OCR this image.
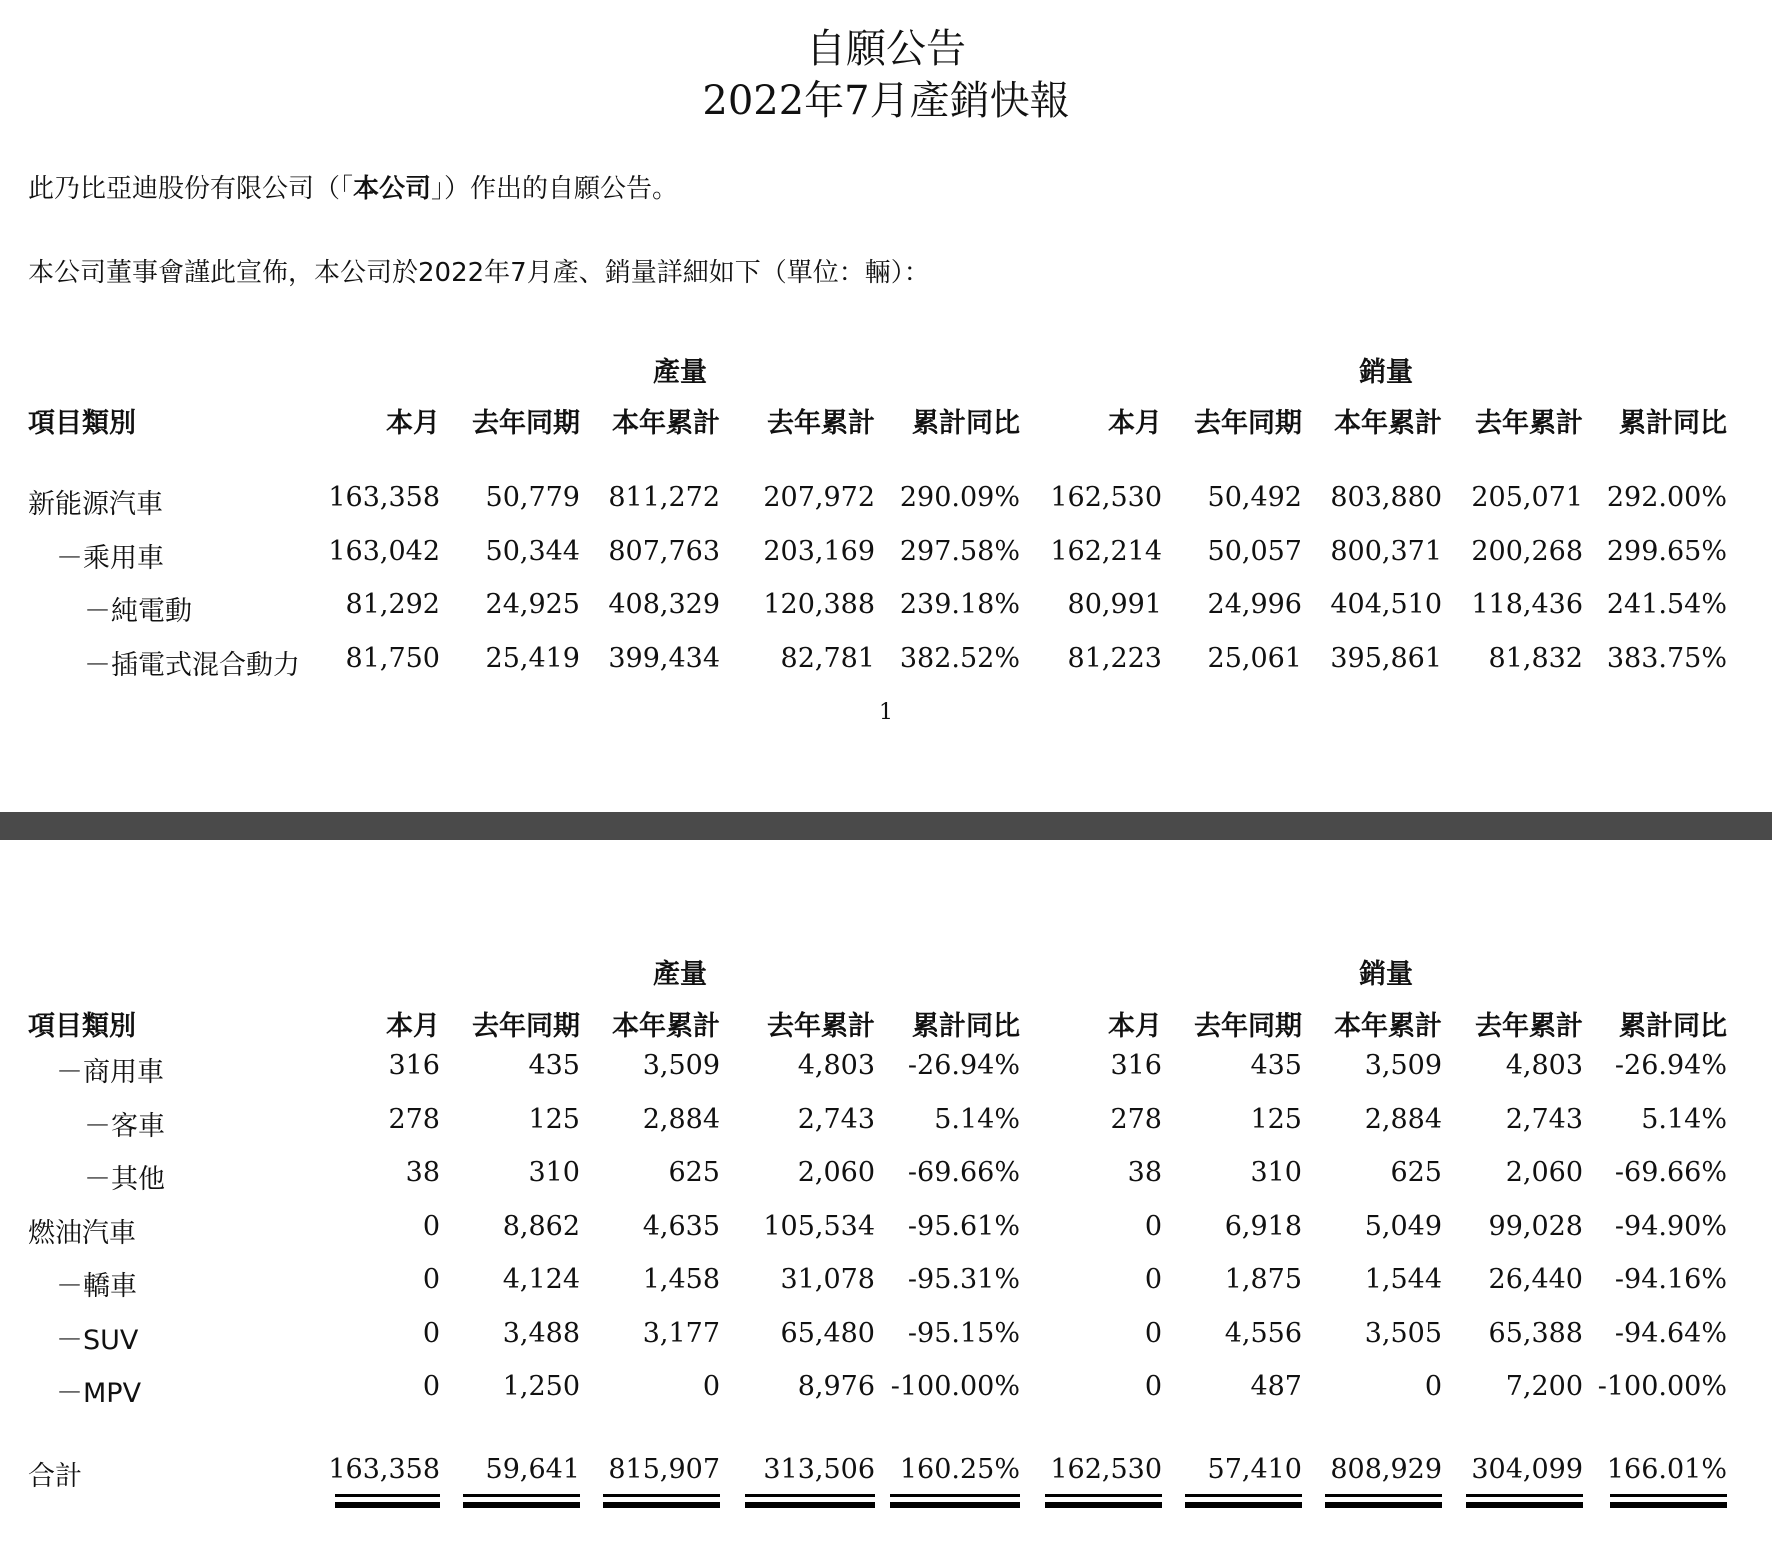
自願公告
2022年7月產銷快報
此乃比亞迪股份有限公司（「本公司」）作出的自願公告。
本公司董事會謹此宣佈，本公司於2022年7月產、銷量詳細如下（單位：輛）：
產量	銷量
項目類別	本月	去年同期	本年累計	去年累計	累計同比	本月	去年同期	本年累計	去年累計	累計同比
新能源汽車	163,358	50,779	811,272	207,972 290.09%	162,530	50,492	803,880	205,071 292.00%
－乘用車	163,042	50,344	807,763	203,169 297.58%	162,214	50,057	800,371	200,268 299.65%
－純電動	81,292	24,925	408,329	120,388 239.18%	80,991	24,996	404,510	118,436 241.54%
－插電式混合動力	81,750	25,419	399,434	82,781 382.52%	81,223	25,061	395,861	81,832 383.75%
1
產量	銷量
項目類別	本月	去年同期	本年累計	去年累計	累計同比	本月	去年同期	本年累計	去年累計	累計同比
－商用車	316	435	3,509	4,803	-26.94%	316	435	3,509	4,803	-26.94%
－客車	278	125	2,884	2,743	5.14%	278	125	2,884	2,743	5.14%
－其他	38	310	625	2,060	-69.66%	38	310	625	2,060	-69.66%
燃油汽車	0	8,862	4,635	105,534	-95.61%	0	6,918	5,049	99,028	-94.90%
－轎車	0	4,124	1,458	31,078	-95.31%	0	1,875	1,544	26,440	-94.16%
－SUV	0	3,488	3,177	65,480	-95.15%	0	4,556	3,505	65,388	-94.64%
－MPV	0	1,250	0	8,976 -100.00%	0	487	0	7,200 -100.00%
合計	163,358	59,641	815,907	313,506 160.25%	162,530	57,410	808,929	304,099 166.01%
